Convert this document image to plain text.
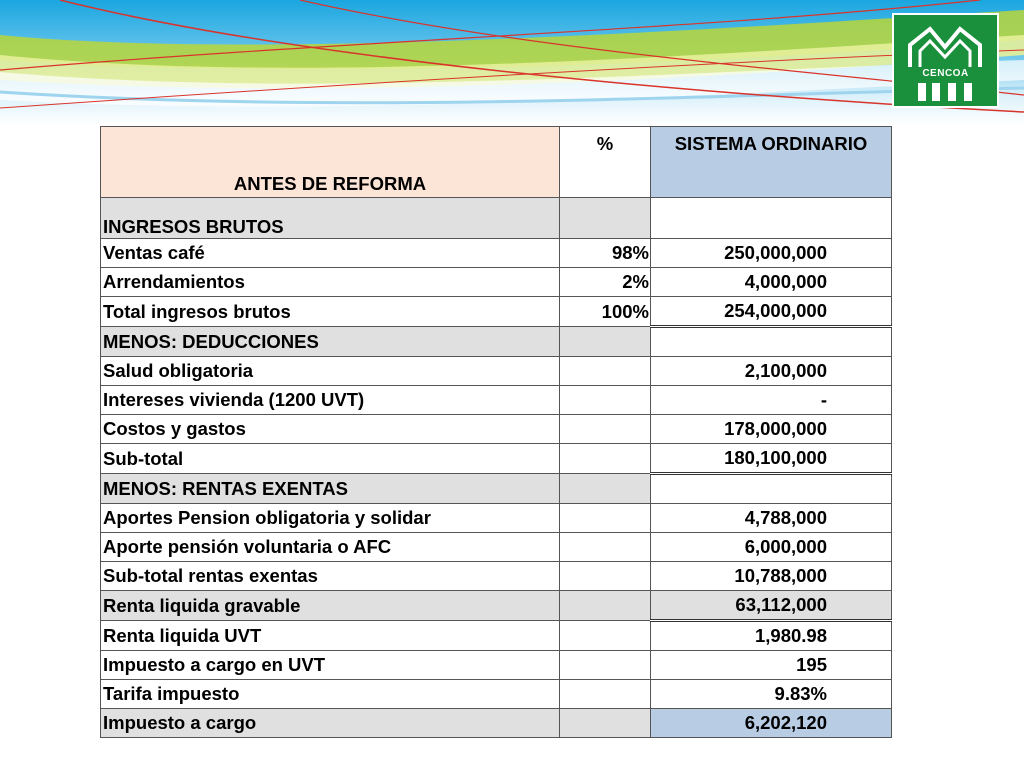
CENCOA
ANTES DE REFORMA	%	SISTEMA ORDINARIO
INGRESOS BRUTOS		
Ventas café	98%	250,000,000
Arrendamientos	2%	4,000,000
Total ingresos brutos	100%	254,000,000
MENOS: DEDUCCIONES		
Salud obligatoria		2,100,000
Intereses vivienda (1200 UVT)		-
Costos y gastos		178,000,000
Sub-total		180,100,000
MENOS: RENTAS EXENTAS		
Aportes Pension obligatoria y solidar		4,788,000
Aporte pensión voluntaria o AFC		6,000,000
Sub-total rentas exentas		10,788,000
Renta liquida gravable		63,112,000
Renta liquida UVT		1,980.98
Impuesto a cargo en UVT		195
Tarifa impuesto		9.83%
Impuesto a cargo		6,202,120
